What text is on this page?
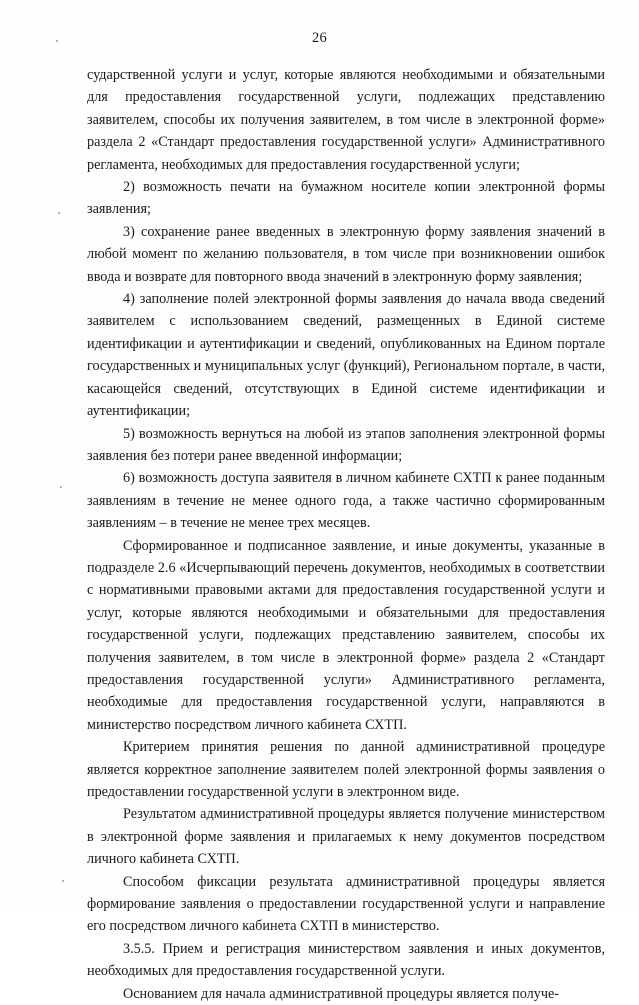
26

сударственной услуги и услуг, которые являются необходимыми и обязательными для предоставления государственной услуги, подлежащих представлению заявителем, способы их получения заявителем, в том числе в электронной форме» раздела 2 «Стандарт предоставления государственной услуги» Административного регламента, необходимых для предоставления государственной услуги;

2) возможность печати на бумажном носителе копии электронной формы заявления;

3) сохранение ранее введенных в электронную форму заявления значений в любой момент по желанию пользователя, в том числе при возникновении ошибок ввода и возврате для повторного ввода значений в электронную форму заявления;

4) заполнение полей электронной формы заявления до начала ввода сведений заявителем с использованием сведений, размещенных в Единой системе идентификации и аутентификации и сведений, опубликованных на Едином портале государственных и муниципальных услуг (функций), Региональном портале, в части, касающейся сведений, отсутствующих в Единой системе идентификации и аутентификации;

5) возможность вернуться на любой из этапов заполнения электронной формы заявления без потери ранее введенной информации;

6) возможность доступа заявителя в личном кабинете СХТП к ранее поданным заявлениям в течение не менее одного года, а также частично сформированным заявлениям – в течение не менее трех месяцев.

Сформированное и подписанное заявление, и иные документы, указанные в подразделе 2.6 «Исчерпывающий перечень документов, необходимых в соответствии с нормативными правовыми актами для предоставления государственной услуги и услуг, которые являются необходимыми и обязательными для предоставления государственной услуги, подлежащих представлению заявителем, способы их получения заявителем, в том числе в электронной форме» раздела 2 «Стандарт предоставления государственной услуги» Административного регламента, необходимые для предоставления государственной услуги, направляются в министерство посредством личного кабинета СХТП.

Критерием принятия решения по данной административной процедуре является корректное заполнение заявителем полей электронной формы заявления о предоставлении государственной услуги в электронном виде.

Результатом административной процедуры является получение министерством в электронной форме заявления и прилагаемых к нему документов посредством личного кабинета СХТП.

Способом фиксации результата административной процедуры является формирование заявления о предоставлении государственной услуги и направление его посредством личного кабинета СХТП в министерство.

3.5.5. Прием и регистрация министерством заявления и иных документов, необходимых для предоставления государственной услуги.

Основанием для начала административной процедуры является получе-
